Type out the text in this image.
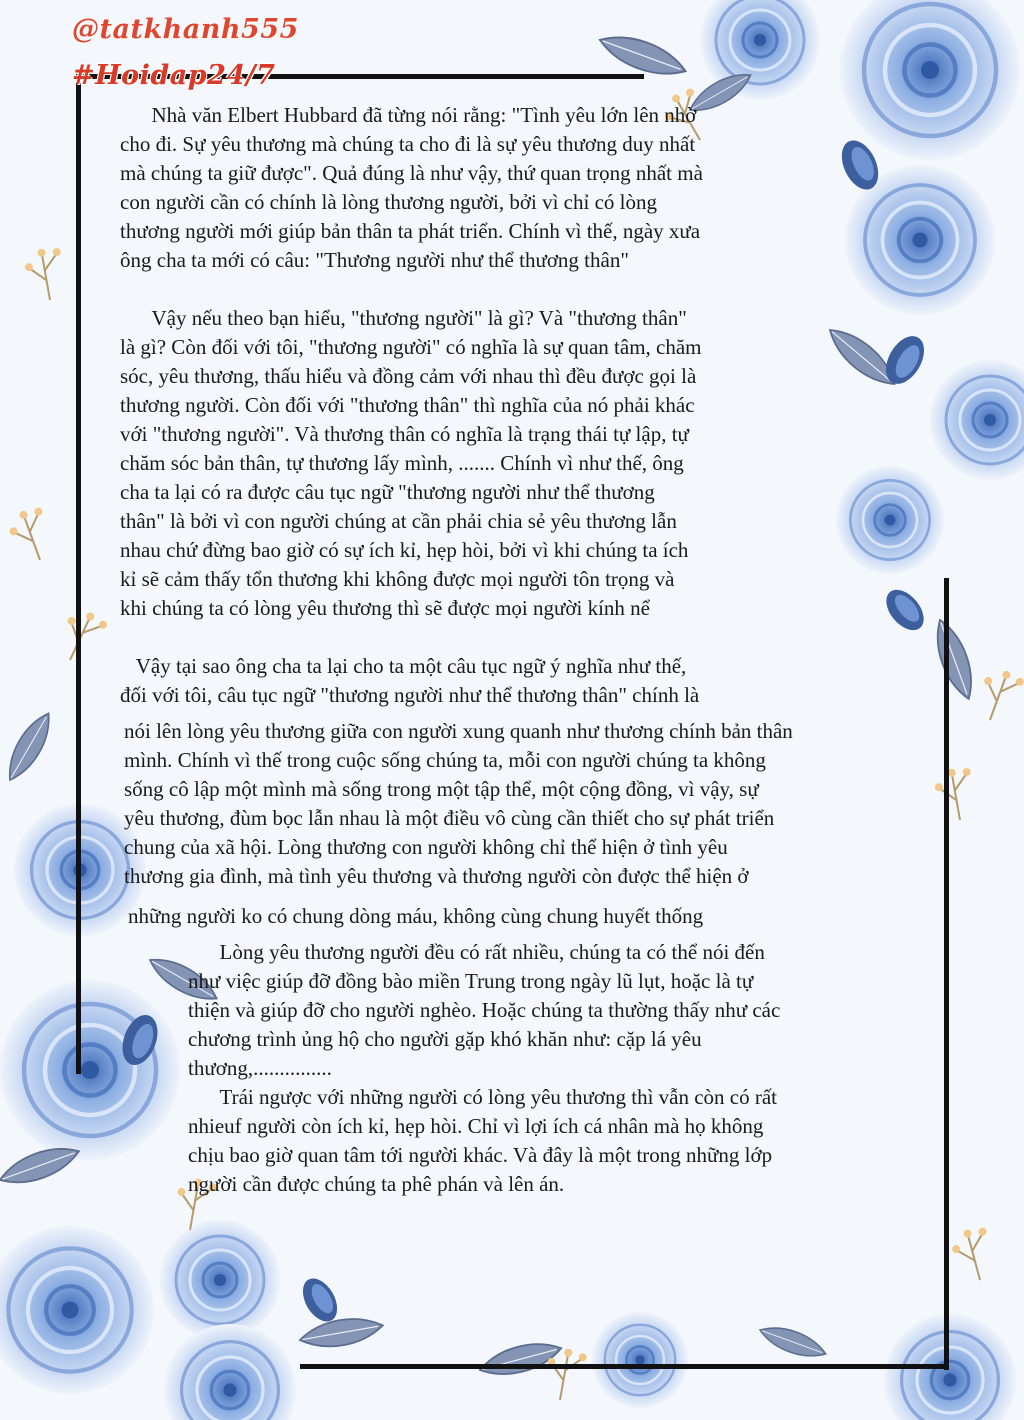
@tatkhanh555
#Hoidap24/7

Nhà văn Elbert Hubbard đã từng nói rằng: "Tình yêu lớn lên nhờ
cho đi. Sự yêu thương mà chúng ta cho đi là sự yêu thương duy nhất
mà chúng ta giữ được". Quả đúng là như vậy, thứ quan trọng nhất mà
con người cần có chính là lòng thương người, bởi vì chỉ có lòng
thương người mới giúp bản thân ta phát triển. Chính vì thế, ngày xưa
ông cha ta mới có câu: "Thương người như thể thương thân"

Vậy nếu theo bạn hiểu, "thương người" là gì? Và "thương thân"
là gì? Còn đối với tôi, "thương người" có nghĩa là sự quan tâm, chăm
sóc, yêu thương, thấu hiểu và đồng cảm với nhau thì đều được gọi là
thương người. Còn đối với "thương thân" thì nghĩa của nó phải khác
với "thương người". Và thương thân có nghĩa là trạng thái tự lập, tự
chăm sóc bản thân, tự thương lấy mình, ....... Chính vì như thế, ông
cha ta lại có ra được câu tục ngữ "thương người như thể thương
thân" là bởi vì con người chúng at cần phải chia sẻ yêu thương lẫn
nhau chứ đừng bao giờ có sự ích kỉ, hẹp hòi, bởi vì khi chúng ta ích
kỉ sẽ cảm thấy tổn thương khi không được mọi người tôn trọng và
khi chúng ta có lòng yêu thương thì sẽ được mọi người kính nể

Vậy tại sao ông cha ta lại cho ta một câu tục ngữ ý nghĩa như thế,
đối với tôi, câu tục ngữ "thương người như thể thương thân" chính là

nói lên lòng yêu thương giữa con người xung quanh như thương chính bản thân
mình. Chính vì thế trong cuộc sống chúng ta, mỗi con người chúng ta không
sống cô lập một mình mà sống trong một tập thể, một cộng đồng, vì vậy, sự
yêu thương, đùm bọc lẫn nhau là một điều vô cùng cần thiết cho sự phát triển
chung của xã hội. Lòng thương con người không chỉ thể hiện ở tình yêu
thương gia đình, mà tình yêu thương và thương người còn được thể hiện ở

những người ko có chung dòng máu, không cùng chung huyết thống

Lòng yêu thương người đều có rất nhiều, chúng ta có thể nói đến
như việc giúp đỡ đồng bào miền Trung trong ngày lũ lụt, hoặc là tự
thiện và giúp đỡ cho người nghèo. Hoặc chúng ta thường thấy như các
chương trình ủng hộ cho người gặp khó khăn như: cặp lá yêu
thương,...............

Trái ngược với những người có lòng yêu thương thì vẫn còn có rất
nhieuf người còn ích kỉ, hẹp hòi. Chỉ vì lợi ích cá nhân mà họ không
chịu bao giờ quan tâm tới người khác. Và đây là một trong những lớp
người cần được chúng ta phê phán và lên án.
